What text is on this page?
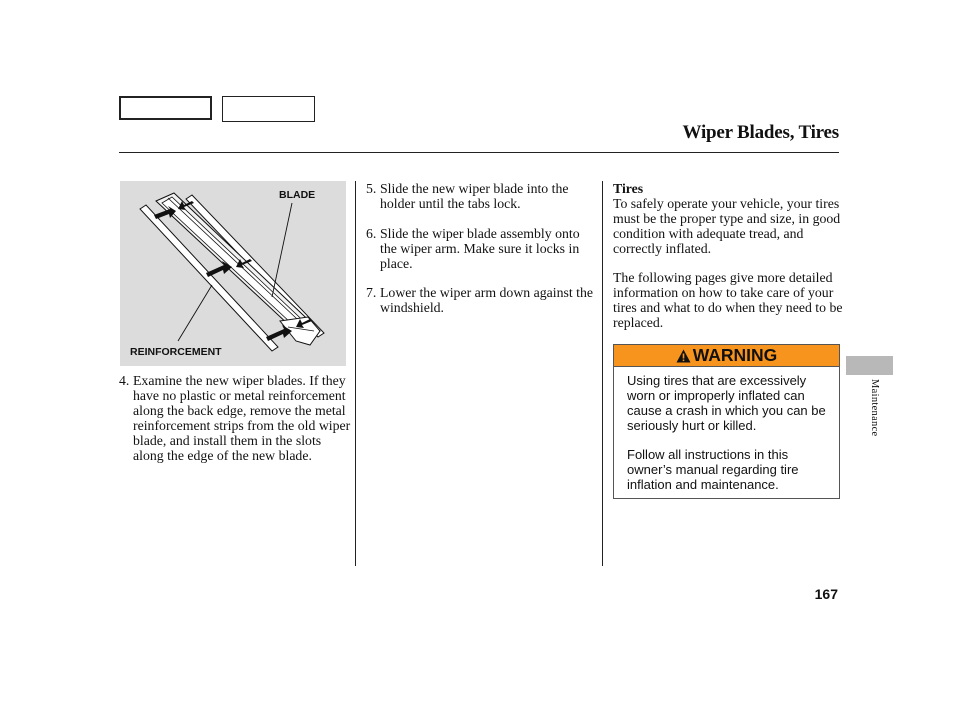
Wiper Blades, Tires
BLADE
REINFORCEMENT
4. Examine the new wiper blades. If they have no plastic or metal reinforcement along the back edge, remove the metal reinforcement strips from the old wiper blade, and install them in the slots along the edge of the new blade.
5. Slide the new wiper blade into the holder until the tabs lock.
6. Slide the wiper blade assembly onto the wiper arm. Make sure it locks in place.
7. Lower the wiper arm down against the windshield.
Tires
To safely operate your vehicle, your tires must be the proper type and size, in good condition with adequate tread, and correctly inflated.
The following pages give more detailed information on how to take care of your tires and what to do when they need to be replaced.
WARNING
Using tires that are excessively worn or improperly inflated can cause a crash in which you can be seriously hurt or killed.
Follow all instructions in this owner’s manual regarding tire inflation and maintenance.
Maintenance
167
